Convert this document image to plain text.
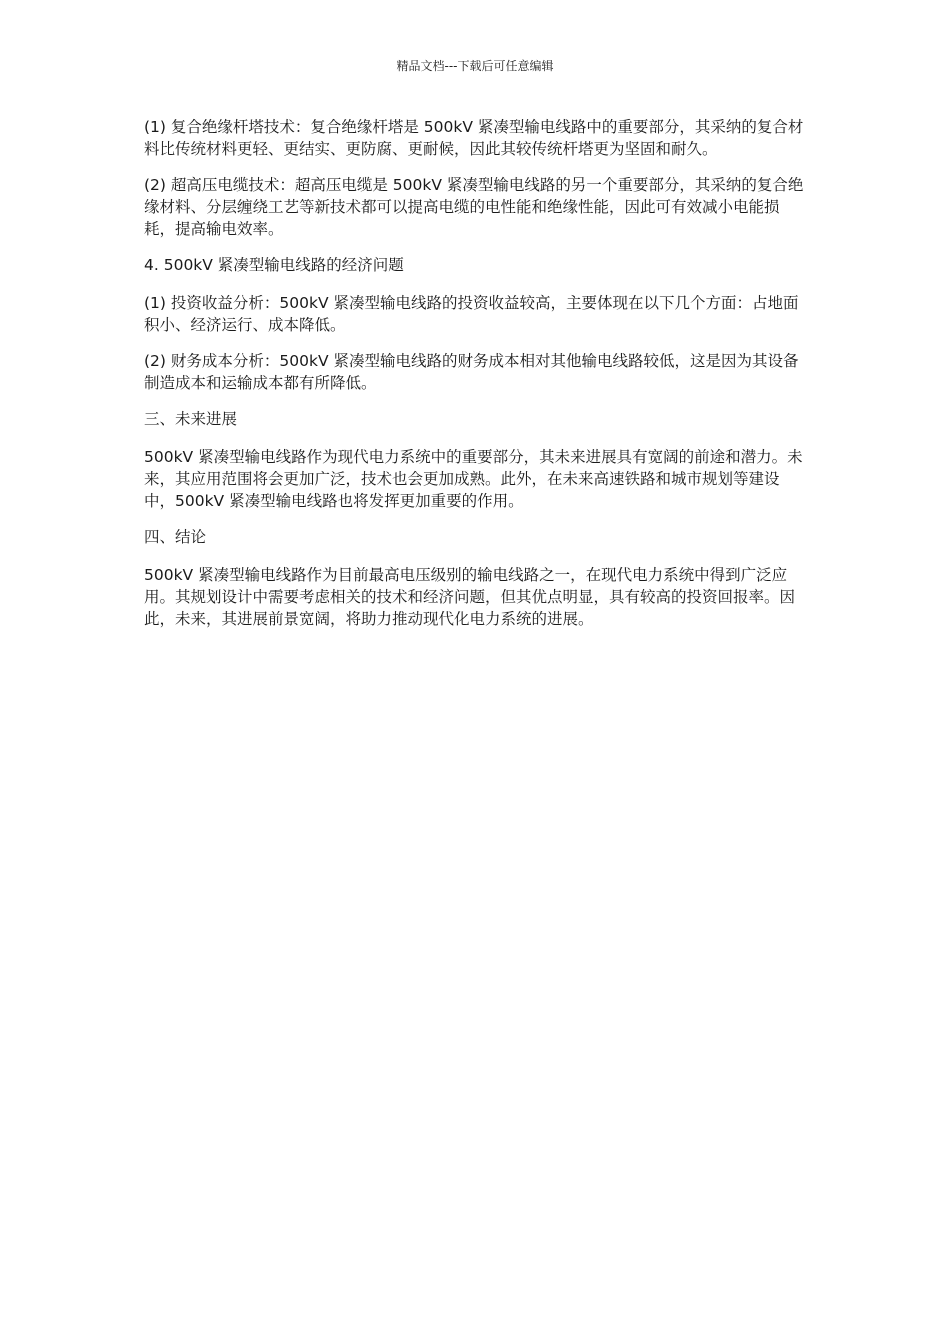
精品文档---下载后可任意编辑

(1) 复合绝缘杆塔技术：复合绝缘杆塔是 500kV 紧凑型输电线路中的重要部分，其采纳的复合材料比传统材料更轻、更结实、更防腐、更耐候，因此其较传统杆塔更为坚固和耐久。

(2) 超高压电缆技术：超高压电缆是 500kV 紧凑型输电线路的另一个重要部分，其采纳的复合绝缘材料、分层缠绕工艺等新技术都可以提高电缆的电性能和绝缘性能，因此可有效减小电能损耗，提高输电效率。

4. 500kV 紧凑型输电线路的经济问题

(1) 投资收益分析：500kV 紧凑型输电线路的投资收益较高，主要体现在以下几个方面：占地面积小、经济运行、成本降低。

(2) 财务成本分析：500kV 紧凑型输电线路的财务成本相对其他输电线路较低，这是因为其设备制造成本和运输成本都有所降低。

三、未来进展

500kV 紧凑型输电线路作为现代电力系统中的重要部分，其未来进展具有宽阔的前途和潜力。未来，其应用范围将会更加广泛，技术也会更加成熟。此外，在未来高速铁路和城市规划等建设中，500kV 紧凑型输电线路也将发挥更加重要的作用。

四、结论

500kV 紧凑型输电线路作为目前最高电压级别的输电线路之一，在现代电力系统中得到广泛应用。其规划设计中需要考虑相关的技术和经济问题，但其优点明显，具有较高的投资回报率。因此，未来，其进展前景宽阔，将助力推动现代化电力系统的进展。
